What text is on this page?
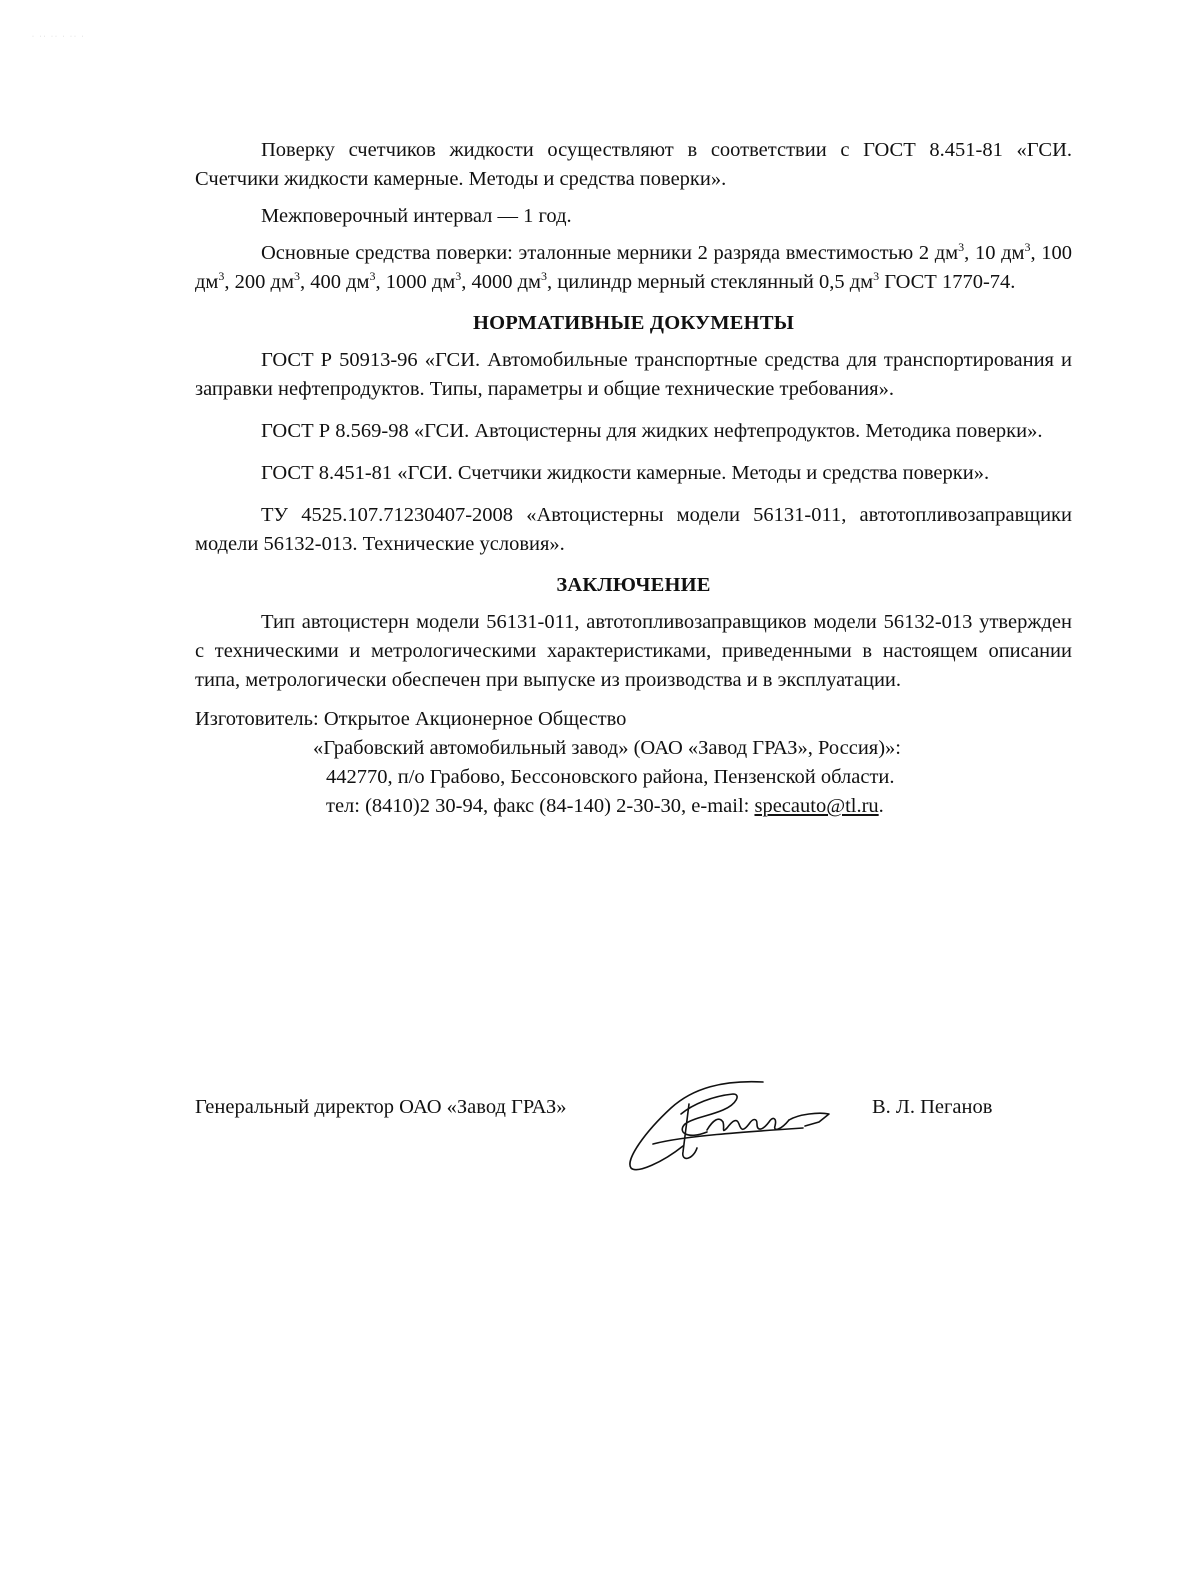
· ·· ·· · ·· ·

Поверку счетчиков жидкости осуществляют в соответствии с ГОСТ 8.451-81 «ГСИ. Счетчики жидкости камерные. Методы и средства поверки».

Межповерочный интервал — 1 год.

Основные средства поверки: эталонные мерники 2 разряда вместимостью 2 $дм^3$, 10 $дм^3$, 100 $дм^3$, 200 $дм^3$, 400 $дм^3$, 1000 $дм^3$, 4000 $дм^3$, цилиндр мерный стеклянный 0,5 $дм^3$ ГОСТ 1770-74.

НОРМАТИВНЫЕ ДОКУМЕНТЫ

ГОСТ Р 50913-96 «ГСИ. Автомобильные транспортные средства для транспортирования и заправки нефтепродуктов. Типы, параметры и общие технические требования».

ГОСТ Р 8.569-98 «ГСИ. Автоцистерны для жидких нефтепродуктов. Методика поверки».

ГОСТ 8.451-81 «ГСИ. Счетчики жидкости камерные. Методы и средства поверки».

ТУ 4525.107.71230407-2008 «Автоцистерны модели 56131-011, автотопливозаправщики модели 56132-013. Технические условия».

ЗАКЛЮЧЕНИЕ

Тип автоцистерн модели 56131-011, автотопливозаправщиков модели 56132-013 утвержден с техническими и метрологическими характеристиками, приведенными в настоящем описании типа, метрологически обеспечен при выпуске из производства и в эксплуатации.

Изготовитель: Открытое Акционерное Общество

«Грабовский автомобильный завод» (ОАО «Завод ГРАЗ», Россия)»:

442770, п/о Грабово, Бессоновского района, Пензенской области.

тел: (8410)2 30-94, факс (84-140) 2-30-30, e-mail: specauto@tl.ru.

Генеральный директор ОАО «Завод ГРАЗ»	В. Л. Пеганов
